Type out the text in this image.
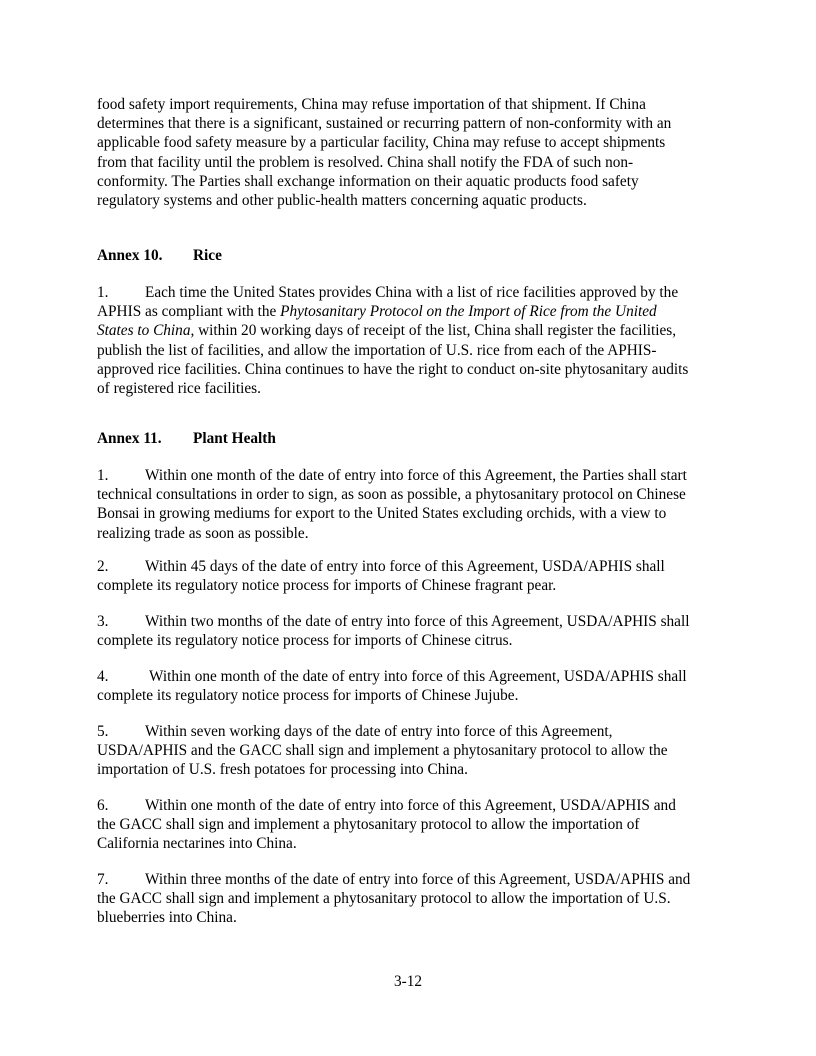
food safety import requirements, China may refuse importation of that shipment. If China
determines that there is a significant, sustained or recurring pattern of non-conformity with an
applicable food safety measure by a particular facility, China may refuse to accept shipments
from that facility until the problem is resolved. China shall notify the FDA of such non-
conformity. The Parties shall exchange information on their aquatic products food safety
regulatory systems and other public-health matters concerning aquatic products.
Annex 10. Rice
1. Each time the United States provides China with a list of rice facilities approved by the
APHIS as compliant with the Phytosanitary Protocol on the Import of Rice from the United
States to China, within 20 working days of receipt of the list, China shall register the facilities,
publish the list of facilities, and allow the importation of U.S. rice from each of the APHIS-
approved rice facilities. China continues to have the right to conduct on-site phytosanitary audits
of registered rice facilities.
Annex 11. Plant Health
1. Within one month of the date of entry into force of this Agreement, the Parties shall start
technical consultations in order to sign, as soon as possible, a phytosanitary protocol on Chinese
Bonsai in growing mediums for export to the United States excluding orchids, with a view to
realizing trade as soon as possible.
2. Within 45 days of the date of entry into force of this Agreement, USDA/APHIS shall
complete its regulatory notice process for imports of Chinese fragrant pear.
3. Within two months of the date of entry into force of this Agreement, USDA/APHIS shall
complete its regulatory notice process for imports of Chinese citrus.
4.	Within one month of the date of entry into force of this Agreement, USDA/APHIS shall
complete its regulatory notice process for imports of Chinese Jujube.
5. Within seven working days of the date of entry into force of this Agreement,
USDA/APHIS and the GACC shall sign and implement a phytosanitary protocol to allow the
importation of U.S. fresh potatoes for processing into China.
6. Within one month of the date of entry into force of this Agreement, USDA/APHIS and
the GACC shall sign and implement a phytosanitary protocol to allow the importation of
California nectarines into China.
7. Within three months of the date of entry into force of this Agreement, USDA/APHIS and
the GACC shall sign and implement a phytosanitary protocol to allow the importation of U.S.
blueberries into China.
3-12
